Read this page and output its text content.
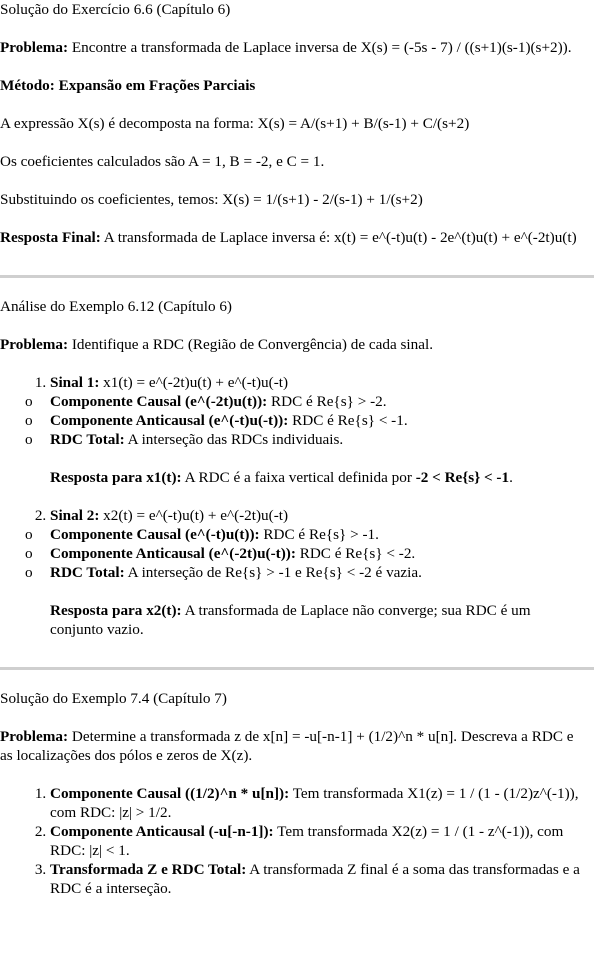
Solução do Exercício 6.6 (Capítulo 6)

Problema: Encontre a transformada de Laplace inversa de X(s) = (-5s - 7) / ((s+1)(s-1)(s+2)).

Método: Expansão em Frações Parciais

A expressão X(s) é decomposta na forma: X(s) = A/(s+1) + B/(s-1) + C/(s+2)

Os coeficientes calculados são A = 1, B = -2, e C = 1.

Substituindo os coeficientes, temos: X(s) = 1/(s+1) - 2/(s-1) + 1/(s+2)

Resposta Final: A transformada de Laplace inversa é: x(t) = e^(-t)u(t) - 2e^(t)u(t) + e^(-2t)u(t)

Análise do Exemplo 6.12 (Capítulo 6)

Problema: Identifique a RDC (Região de Convergência) de cada sinal.

1. Sinal 1: x1(t) = e^(-2t)u(t) + e^(-t)u(-t)
o Componente Causal (e^(-2t)u(t)): RDC é Re{s} > -2.
o Componente Anticausal (e^(-t)u(-t)): RDC é Re{s} < -1.
o RDC Total: A interseção das RDCs individuais.

Resposta para x1(t): A RDC é a faixa vertical definida por -2 < Re{s} < -1.

2. Sinal 2: x2(t) = e^(-t)u(t) + e^(-2t)u(-t)
o Componente Causal (e^(-t)u(t)): RDC é Re{s} > -1.
o Componente Anticausal (e^(-2t)u(-t)): RDC é Re{s} < -2.
o RDC Total: A interseção de Re{s} > -1 e Re{s} < -2 é vazia.

Resposta para x2(t): A transformada de Laplace não converge; sua RDC é um conjunto vazio.

Solução do Exemplo 7.4 (Capítulo 7)

Problema: Determine a transformada z de x[n] = -u[-n-1] + (1/2)^n * u[n]. Descreva a RDC e as localizações dos pólos e zeros de X(z).

1. Componente Causal ((1/2)^n * u[n]): Tem transformada X1(z) = 1 / (1 - (1/2)z^(-1)), com RDC: |z| > 1/2.
2. Componente Anticausal (-u[-n-1]): Tem transformada X2(z) = 1 / (1 - z^(-1)), com RDC: |z| < 1.
3. Transformada Z e RDC Total: A transformada Z final é a soma das transformadas e a RDC é a interseção.
